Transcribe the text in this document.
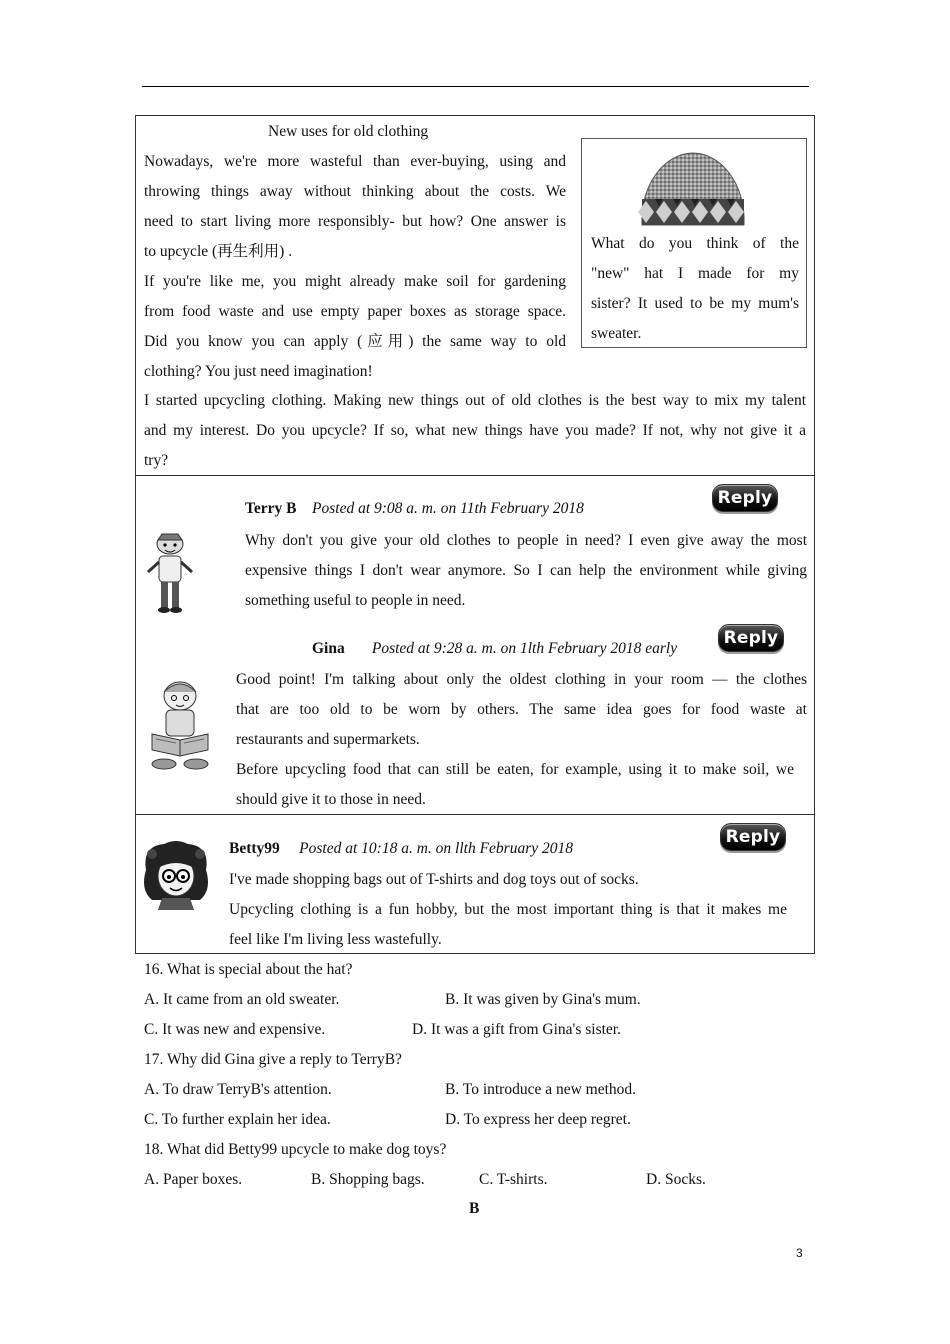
New uses for old clothing
Nowadays, we're more wasteful than ever-buying, using and
throwing things away without thinking about the costs. We
need to start living more responsibly- but how? One answer is
to upcycle (再生利用) .
If you're like me, you might already make soil for gardening
from food waste and use empty paper boxes as storage space.
Did you know you can apply (应用) the same way to old
clothing? You just need imagination!
I started upcycling clothing. Making new things out of old clothes is the best way to mix my talent
and my interest. Do you upcycle? If so, what new things have you made? If not, why not give it a
try?
What do you think of the
"new" hat I made for my
sister? It used to be my mum's
sweater.
Terry B Posted at 9:08 a. m. on 11th February 2018
Reply
Why don't you give your old clothes to people in need? I even give away the most
expensive things I don't wear anymore. So I can help the environment while giving
something useful to people in need.
Gina Posted at 9:28 a. m. on 1lth February 2018 early
Reply
Good point! I'm talking about only the oldest clothing in your room — the clothes
that are too old to be worn by others. The same idea goes for food waste at
restaurants and supermarkets.
Before upcycling food that can still be eaten, for example, using it to make soil, we
should give it to those in need.
Betty99 Posted at 10:18 a. m. on llth February 2018
Reply
I've made shopping bags out of T-shirts and dog toys out of socks.
Upcycling clothing is a fun hobby, but the most important thing is that it makes me
feel like I'm living less wastefully.
16. What is special about the hat?
A. It came from an old sweater.	B. It was given by Gina's mum.
C. It was new and expensive.	D. It was a gift from Gina's sister.
17. Why did Gina give a reply to TerryB?
A. To draw TerryB's attention.	B. To introduce a new method.
C. To further explain her idea.	D. To express her deep regret.
18. What did Betty99 upcycle to make dog toys?
A. Paper boxes.	B. Shopping bags.	C. T-shirts.	D. Socks.
B
3
